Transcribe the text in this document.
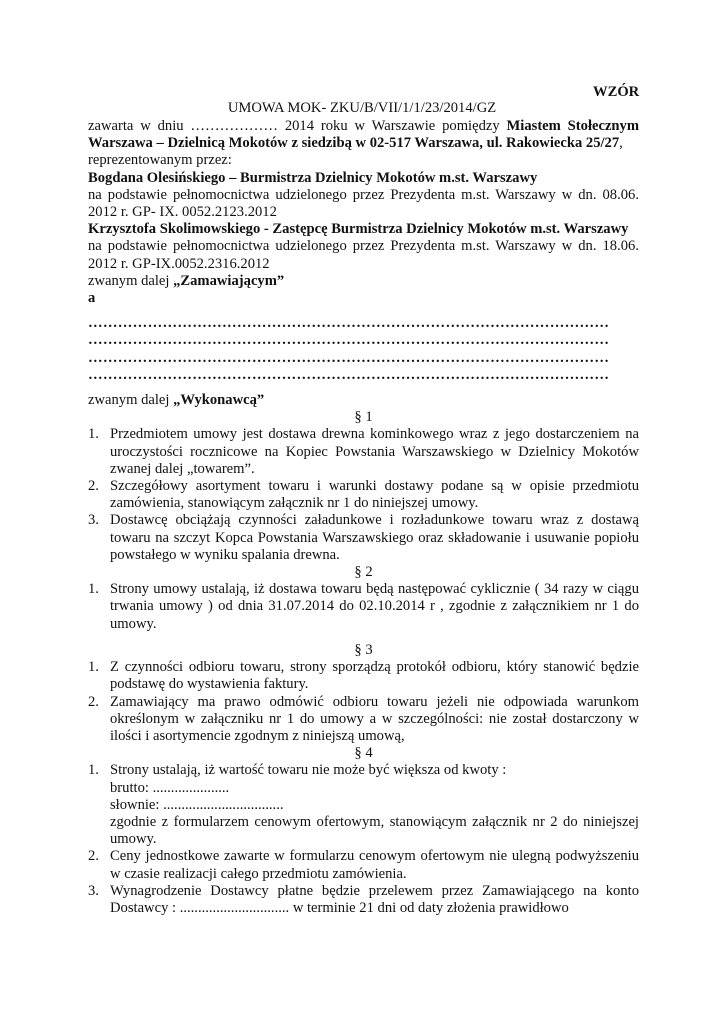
WZÓR
UMOWA MOK- ZKU/B/VII/1/1/23/2014/GZ

zawarta w dniu ……………… 2014 roku w Warszawie pomiędzy Miastem Stołecznym Warszawa – Dzielnicą Mokotów z siedzibą w 02-517 Warszawa, ul. Rakowiecka 25/27,

reprezentowanym przez:

Bogdana Olesińskiego – Burmistrza Dzielnicy Mokotów m.st. Warszawy

na podstawie pełnomocnictwa udzielonego przez Prezydenta m.st. Warszawy w dn. 08.06. 2012 r. GP- IX. 0052.2123.2012

Krzysztofa Skolimowskiego - Zastępcę Burmistrza Dzielnicy Mokotów m.st. Warszawy

na podstawie pełnomocnictwa udzielonego przez Prezydenta m.st. Warszawy w dn. 18.06. 2012 r. GP-IX.0052.2316.2012

zwanym dalej „Zamawiającym”

a

……………………………………………………………………………………………

……………………………………………………………………………………………

……………………………………………………………………………………………

……………………………………………………………………………………………

zwanym dalej „Wykonawcą”

§ 1

1. Przedmiotem umowy jest dostawa drewna kominkowego wraz z jego dostarczeniem na uroczystości rocznicowe na Kopiec Powstania Warszawskiego w Dzielnicy Mokotów zwanej dalej „towarem”.
2. Szczegółowy asortyment towaru i warunki dostawy podane są w opisie przedmiotu zamówienia, stanowiącym załącznik nr 1 do niniejszej umowy.
3. Dostawcę obciążają czynności załadunkowe i rozładunkowe towaru wraz z dostawą towaru na szczyt Kopca Powstania Warszawskiego oraz składowanie i usuwanie popiołu powstałego w wyniku spalania drewna.

§ 2

1. Strony umowy ustalają, iż dostawa towaru będą następować cyklicznie ( 34 razy w ciągu trwania umowy ) od dnia 31.07.2014 do 02.10.2014 r , zgodnie z załącznikiem nr 1 do umowy.

§ 3

1. Z czynności odbioru towaru, strony sporządzą protokół odbioru, który stanowić będzie podstawę do wystawienia faktury.
2. Zamawiający ma prawo odmówić odbioru towaru jeżeli nie odpowiada warunkom określonym w załączniku nr 1 do umowy a w szczególności: nie został dostarczony w ilości i asortymencie zgodnym z niniejszą umową,

§ 4

1. Strony ustalają, iż wartość towaru nie może być większa od kwoty :
brutto: .....................
słownie: .................................
zgodnie z formularzem cenowym ofertowym, stanowiącym załącznik nr 2 do niniejszej umowy.
2. Ceny jednostkowe zawarte w formularzu cenowym ofertowym nie ulegną podwyższeniu w czasie realizacji całego przedmiotu zamówienia.
3. Wynagrodzenie Dostawcy płatne będzie przelewem przez Zamawiającego na konto Dostawcy : .............................. w terminie 21 dni od daty złożenia prawidłowo
